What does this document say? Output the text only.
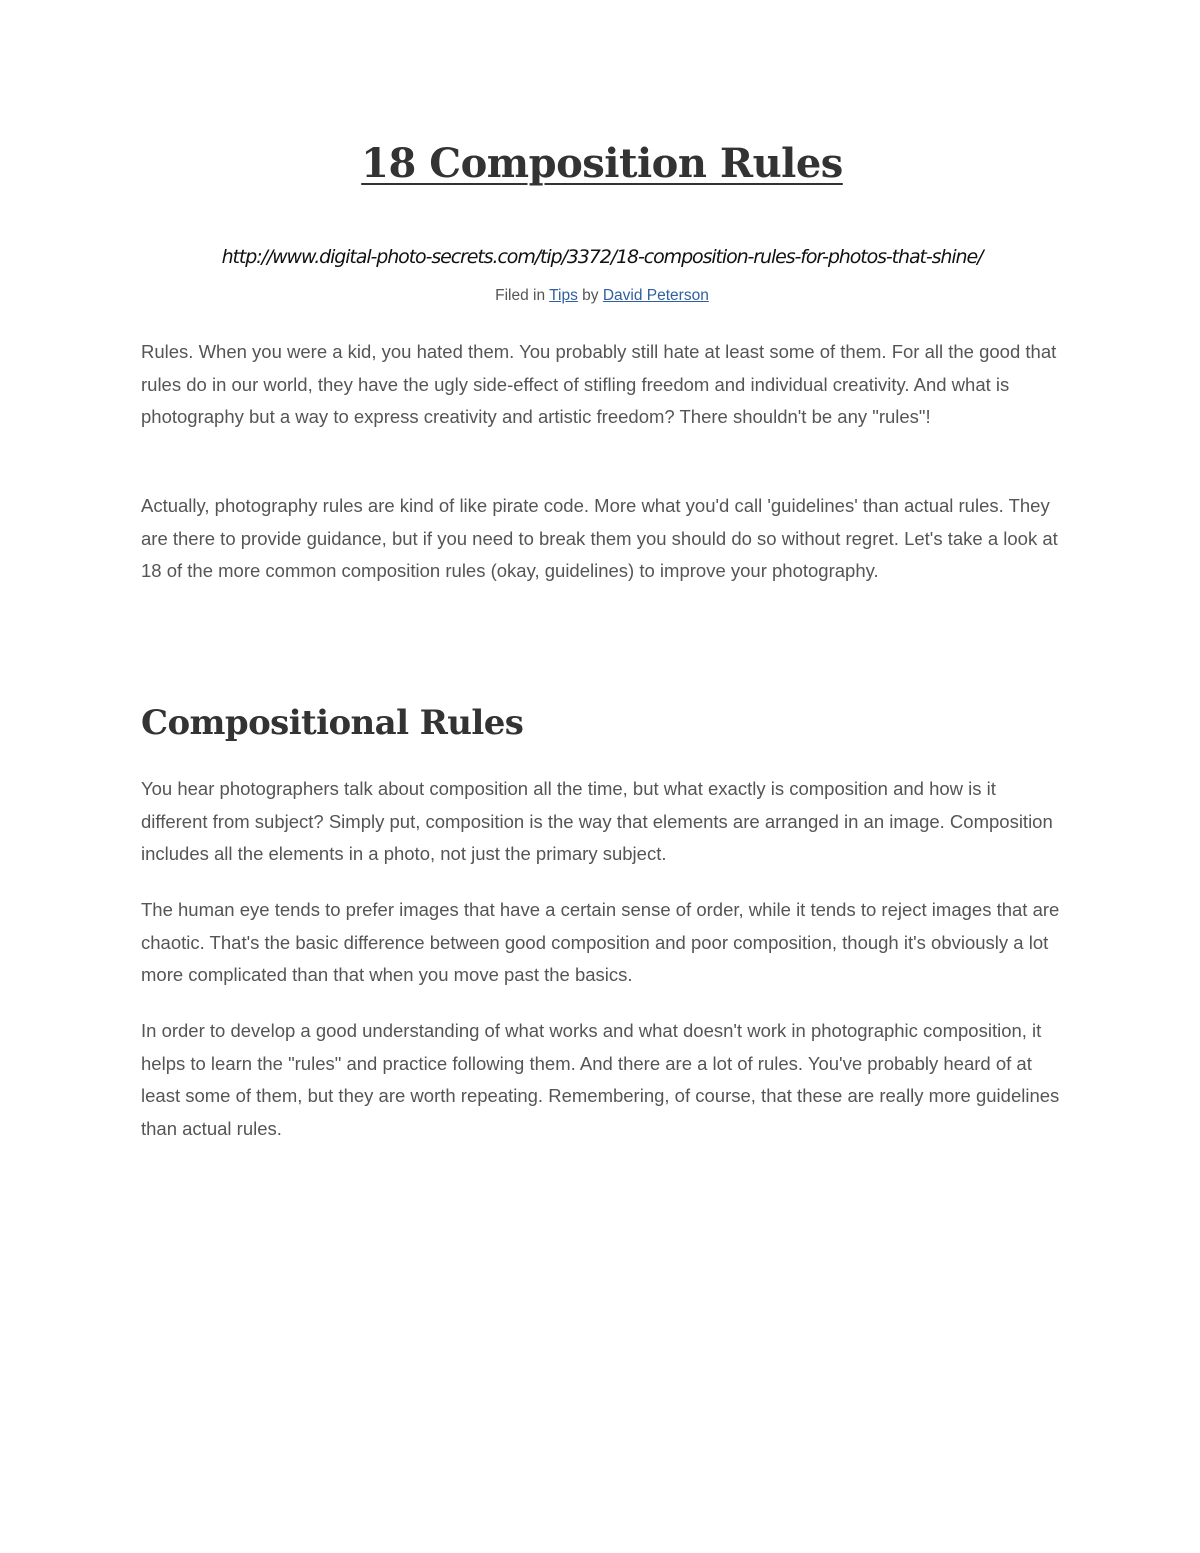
18 Composition Rules

http://www.digital-photo-secrets.com/tip/3372/18-composition-rules-for-photos-that-shine/

Filed in Tips by David Peterson

Rules. When you were a kid, you hated them. You probably still hate at least some of them. For all the good that rules do in our world, they have the ugly side-effect of stifling freedom and individual creativity. And what is photography but a way to express creativity and artistic freedom? There shouldn't be any "rules"!

Actually, photography rules are kind of like pirate code. More what you'd call 'guidelines' than actual rules. They are there to provide guidance, but if you need to break them you should do so without regret. Let's take a look at 18 of the more common composition rules (okay, guidelines) to improve your photography.

Compositional Rules

You hear photographers talk about composition all the time, but what exactly is composition and how is it different from subject? Simply put, composition is the way that elements are arranged in an image. Composition includes all the elements in a photo, not just the primary subject.

The human eye tends to prefer images that have a certain sense of order, while it tends to reject images that are chaotic. That's the basic difference between good composition and poor composition, though it's obviously a lot more complicated than that when you move past the basics.

In order to develop a good understanding of what works and what doesn't work in photographic composition, it helps to learn the "rules" and practice following them. And there are a lot of rules. You've probably heard of at least some of them, but they are worth repeating. Remembering, of course, that these are really more guidelines than actual rules.
